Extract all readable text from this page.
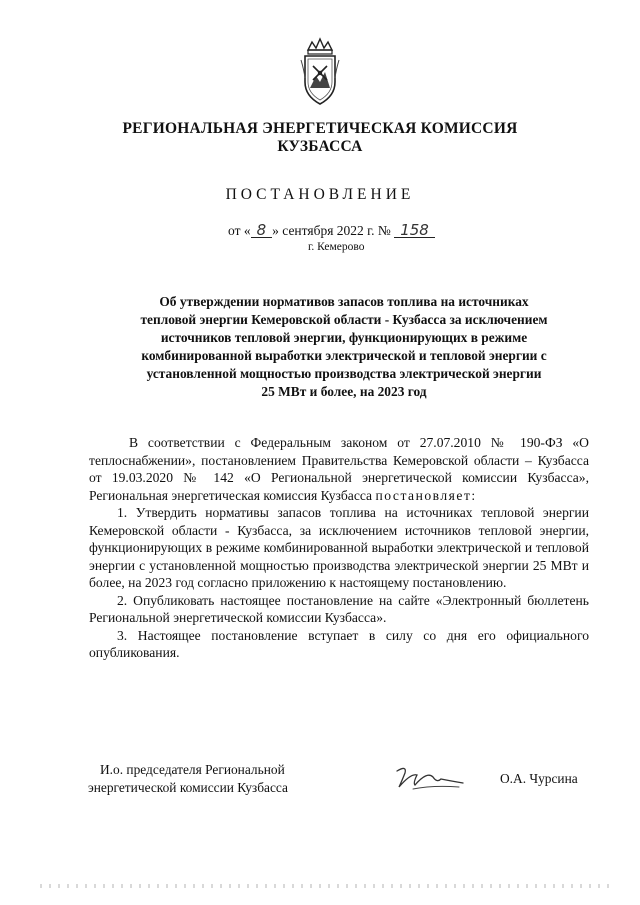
РЕГИОНАЛЬНАЯ ЭНЕРГЕТИЧЕСКАЯ КОМИССИЯ
КУЗБАССА
ПОСТАНОВЛЕНИЕ
от « 8 » сентября 2022 г. № 158
г. Кемерово
Об утверждении нормативов запасов топлива на источниках
тепловой энергии Кемеровской области - Кузбасса за исключением
источников тепловой энергии, функционирующих в режиме
комбинированной выработки электрической и тепловой энергии с
установленной мощностью производства электрической энергии
25 МВт и более, на 2023 год

В соответствии с Федеральным законом от 27.07.2010 № 190-ФЗ «О теплоснабжении», постановлением Правительства Кемеровской области – Кузбасса от 19.03.2020 № 142 «О Региональной энергетической комиссии Кузбасса», Региональная энергетическая комиссия Кузбасса постановляет:

1. Утвердить нормативы запасов топлива на источниках тепловой энергии Кемеровской области - Кузбасса, за исключением источников тепловой энергии, функционирующих в режиме комбинированной выработки электрической и тепловой энергии с установленной мощностью производства электрической энергии 25 МВт и более, на 2023 год согласно приложению к настоящему постановлению.

2. Опубликовать настоящее постановление на сайте «Электронный бюллетень Региональной энергетической комиссии Кузбасса».

3. Настоящее постановление вступает в силу со дня его официального опубликования.

И.о. председателя Региональной
энергетической комиссии Кузбасса
О.А. Чурсина
